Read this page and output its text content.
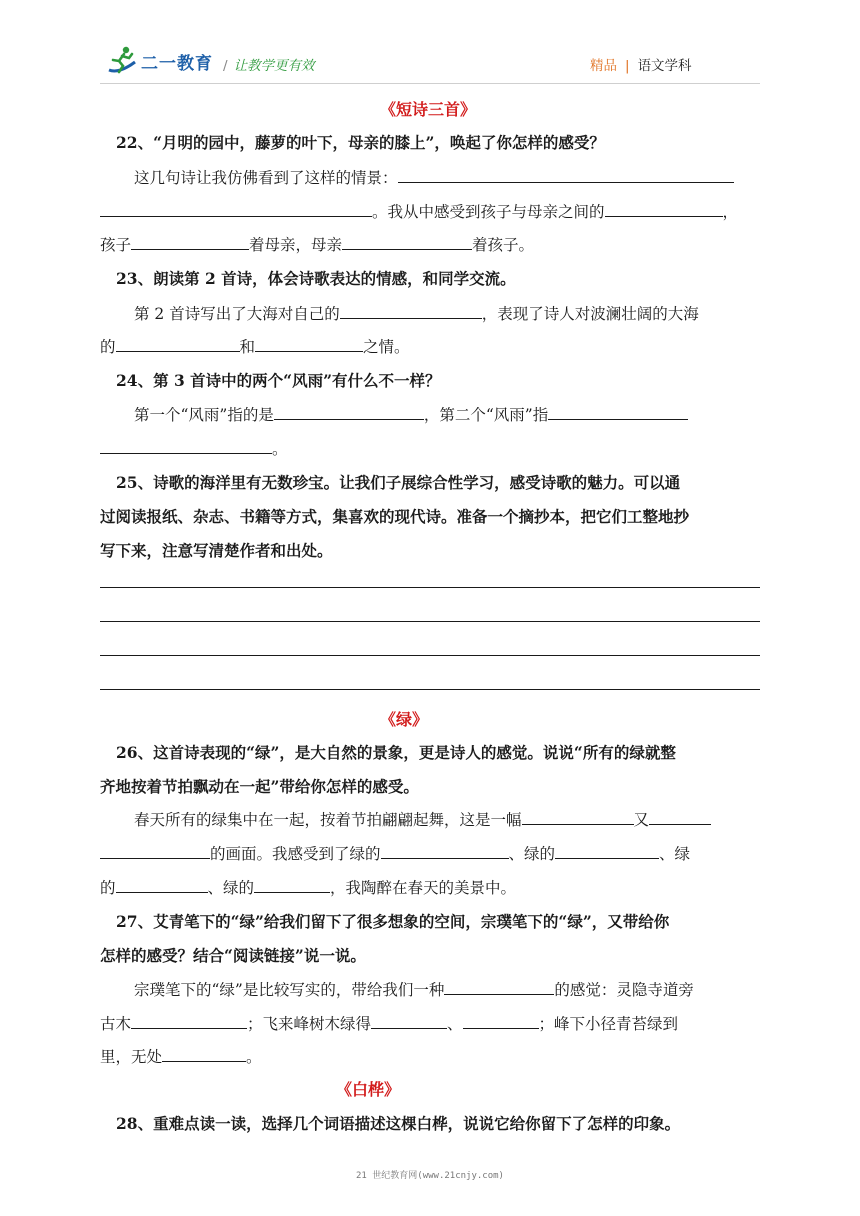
二一教育 / 让教学更有效	精品 | 语文学科
《短诗三首》
22、“月明的园中，藤萝的叶下，母亲的膝上”，唤起了你怎样的感受？
这几句诗让我仿佛看到了这样的情景：
。我从中感受到孩子与母亲之间的	，
孩子	着母亲，母亲	着孩子。
23、朗读第 2 首诗，体会诗歌表达的情感，和同学交流。
第 2 首诗写出了大海对自己的	，表现了诗人对波澜壮阔的大海
的	和	之情。
24、第 3 首诗中的两个“风雨”有什么不一样？
第一个“风雨”指的是	，第二个“风雨”指
。
25、诗歌的海洋里有无数珍宝。让我们子展综合性学习，感受诗歌的魅力。可以通
过阅读报纸、杂志、书籍等方式，集喜欢的现代诗。准备一个摘抄本，把它们工整地抄
写下来，注意写清楚作者和出处。
《绿》
26、这首诗表现的“绿”，是大自然的景象，更是诗人的感觉。说说“所有的绿就整
齐地按着节拍飘动在一起”带给你怎样的感受。
春天所有的绿集中在一起，按着节拍翩翩起舞，这是一幅	又
的画面。我感受到了绿的	、绿的	、绿
的	、绿的	，我陶醉在春天的美景中。
27、艾青笔下的“绿”给我们留下了很多想象的空间，宗璞笔下的“绿”，又带给你
怎样的感受？结合“阅读链接”说一说。
宗璞笔下的“绿”是比较写实的，带给我们一种	的感觉：灵隐寺道旁
古木	；飞来峰树木绿得	、	；峰下小径青苔绿到
里，无处	。
《白桦》
28、重难点读一读，选择几个词语描述这棵白桦，说说它给你留下了怎样的印象。
21 世纪教育网(www.21cnjy.com)
